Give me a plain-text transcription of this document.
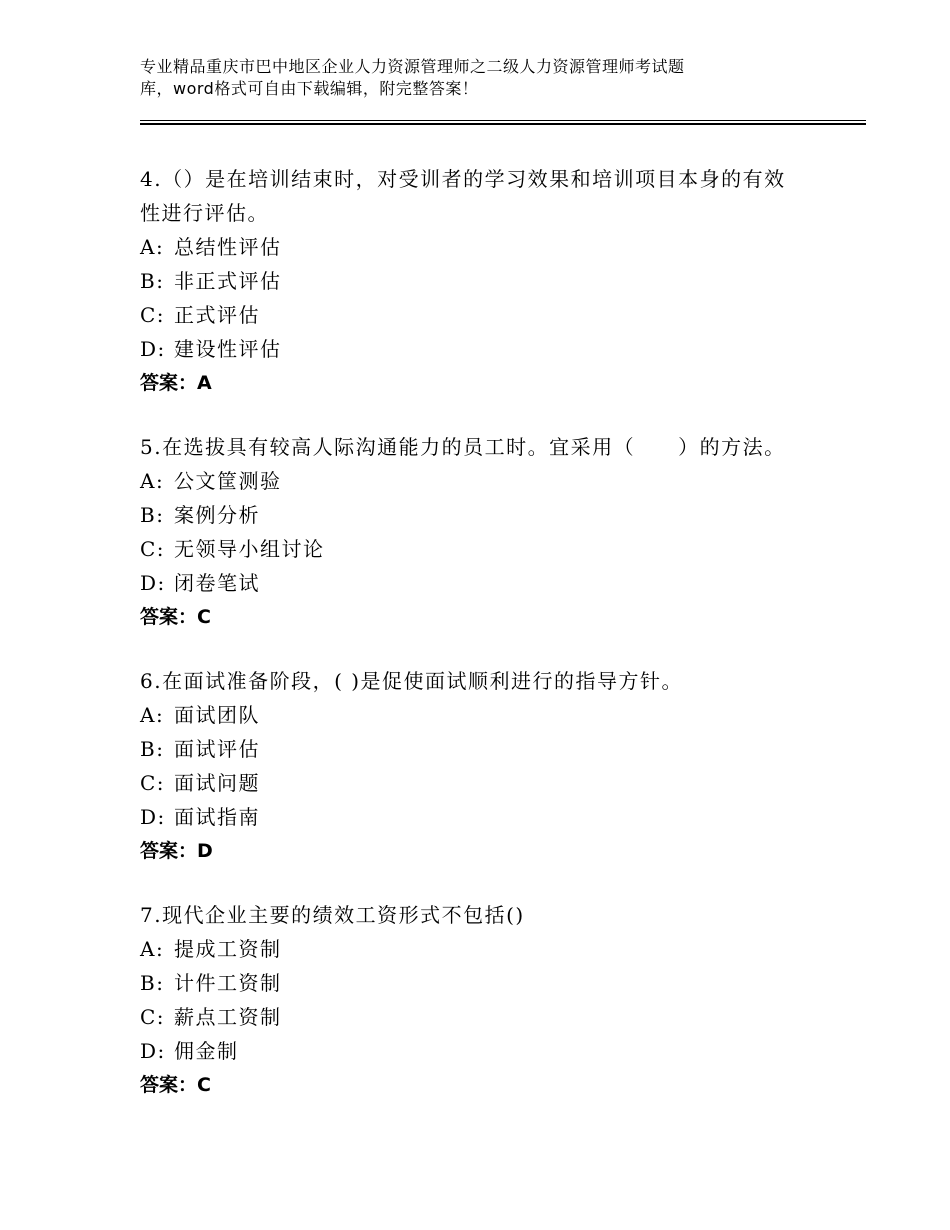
专业精品重庆市巴中地区企业人力资源管理师之二级人力资源管理师考试题
库，word格式可自由下载编辑，附完整答案！
4.（）是在培训结束时，对受训者的学习效果和培训项目本身的有效
性进行评估。
A: 总结性评估
B: 非正式评估
C: 正式评估
D: 建设性评估
答案：A
5.在选拔具有较高人际沟通能力的员工时。宜采用（　　）的方法。
A: 公文筐测验
B: 案例分析
C: 无领导小组讨论
D: 闭卷笔试
答案：C
6.在面试准备阶段，( )是促使面试顺利进行的指导方针。
A: 面试团队
B: 面试评估
C: 面试问题
D: 面试指南
答案：D
7.现代企业主要的绩效工资形式不包括()
A: 提成工资制
B: 计件工资制
C: 薪点工资制
D: 佣金制
答案：C
